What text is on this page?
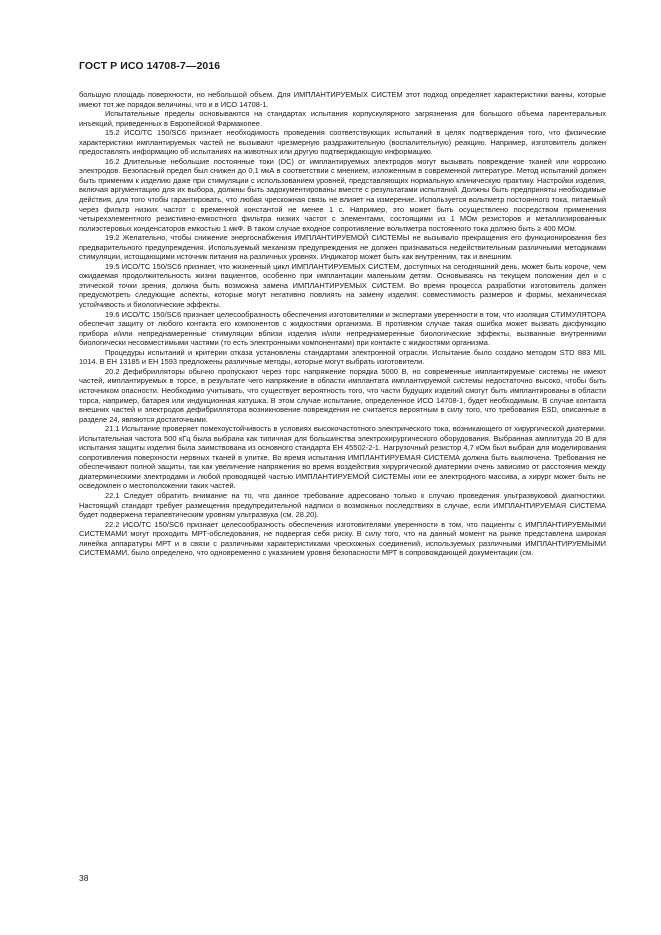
ГОСТ Р ИСО 14708-7—2016

большую площадь поверхности, но небольшой объем. Для ИМПЛАНТИРУЕМЫХ СИСТЕМ этот подход определяет характеристики ванны, которые имеют тот же порядок величины, что и в ИСО 14708-1.

Испытательные пределы основываются на стандартах испытания корпускулярного загрязнения для большого объема парентеральных инъекций, приведенных в Европейской Фармакопее.

15.2 ИСО/ТС 150/SC6 признает необходимость проведения соответствующих испытаний в целях подтверждения того, что физические характеристики имплантируемых частей не вызывают чрезмерную раздражительную (воспалительную) реакцию. Например, изготовитель должен предоставлять информацию об испытаниях на животных или другую подтверждающую информацию.

16.2 Длительные небольшие постоянные токи (DC) от имплантируемых электродов могут вызывать повреждение тканей или коррозию электродов. Безопасный предел был снижен до 0,1 мкА в соответствии с мнением, изложенным в современной литературе. Метод испытаний должен быть применим к изделию даже при стимуляции с использованием уровней, представляющих нормальную клиническую практику. Настройки изделия, включая аргументацию для их выбора, должны быть задокументированы вместе с результатами испытаний. Должны быть предприняты необходимые действия, для того чтобы гарантировать, что любая чрескожная связь не влияет на измерение. Используется вольтметр постоянного тока, питаемый через фильтр низких частот с временной константой не менее 1 с. Например, это может быть осуществлено посредством применения четырехэлементного резистивно-емкостного фильтра низких частот с элементами, состоящими из 1 МОм резисторов и металлизированных полиэстеровых конденсаторов емкостью 1 мкФ. В таком случае входное сопротивление вольтметра постоянного тока должно быть ≥ 400 МОм.

19.2 Желательно, чтобы снижение энергоснабжения ИМПЛАНТИРУЕМОЙ СИСТЕМЫ не вызывало прекращения его функционирования без предварительного предупреждения. Используемый механизм предупреждения не должен признаваться недействительным различными методиками стимуляции, истощающими источник питания на различных уровнях. Индикатор может быть как внутренним, так и внешним.

19.5 ИСО/ТС 150/SC6 признает, что жизненный цикл ИМПЛАНТИРУЕМЫХ СИСТЕМ, доступных на сегодняшний день, может быть короче, чем ожидаемая продолжительность жизни пациентов, особенно при имплантации маленьким детям. Основываясь на текущем положении дел и с этической точки зрения, должна быть возможна замена ИМПЛАНТИРУЕМЫХ СИСТЕМ. Во время процесса разработки изготовитель должен предусмотреть следующие аспекты, которые могут негативно повлиять на замену изделия: совместимость размеров и формы, механическая устойчивость и биологические эффекты.

19.6 ИСО/ТС 150/SC6 признает целесообразность обеспечения изготовителями и экспертами уверенности в том, что изоляция СТИМУЛЯТОРА обеспечит защиту от любого контакта его компонентов с жидкостями организма. В противном случае такая ошибка может вызвать дисфункцию прибора и/или непреднамеренные стимуляции вблизи изделия и/или непреднамеренные биологические эффекты, вызванные внутренними биологически несовместимыми частями (то есть электронными компонентами) при контакте с жидкостями организма.

Процедуры испытаний и критерии отказа установлены стандартами электронной отрасли. Испытание было создано методом STD 883 MIL 1014. В ЕН 13185 и ЕН 1593 предложены различные методы, которые могут выбрать изготовители.

20.2 Дефибрилляторы обычно пропускают через торс напряжение порядка 5000 В, но современные имплантируемые системы не имеют частей, имплантируемых в торсе, в результате чего напряжение в области имплантата имплантируемой системы недостаточно высоко, чтобы быть источником опасности. Необходимо учитывать, что существует вероятность того, что части будущих изделий смогут быть имплантированы в области торса, например, батарея или индукционная катушка. В этом случае испытание, определенное ИСО 14708-1, будет необходимым. В случае контакта внешних частей и электродов дефибриллятора возникновение повреждения не считается вероятным в силу того, что требования ESD, описанные в разделе 24, являются достаточными.

21.1 Испытание проверяет помехоустойчивость в условиях высокочастотного электрического тока, возникающего от хирургической диатермии. Испытательная частота 500 кГц была выбрана как типичная для большинства электрохирургического оборудования. Выбранная амплитуда 20 В для испытания защиты изделия была заимствована из основного стандарта ЕН 45502-2-1. Нагрузочный резистор 4,7 кОм был выбран для моделирования сопротивления поверхности нервных тканей в улитке. Во время испытания ИМПЛАНТИРУЕМАЯ СИСТЕМА должна быть выключена. Требования не обеспечивают полной защиты, так как увеличение напряжения во время воздействия хирургической диатермии очень зависимо от расстояния между диатермическими электродами и любой проводящей частью ИМПЛАНТИРУЕМОЙ СИСТЕМЫ или ее электродного массива, а хирург может быть не осведомлен о местоположении таких частей.

22.1 Следует обратить внимание на то, что данное требование адресовано только к случаю проведения ультразвуковой диагностики. Настоящий стандарт требует размещения предупредительной надписи о возможных последствиях в случае, если ИМПЛАНТИРУЕМАЯ СИСТЕМА будет подвержена терапевтическим уровням ультразвука (см. 28.20).

22.2 ИСО/ТС 150/SC6 признает целесообразность обеспечения изготовителями уверенности в том, что пациенты с ИМПЛАНТИРУЕМЫМИ СИСТЕМАМИ могут проходить МРТ-обследования, не подвергая себя риску. В силу того, что на данный момент на рынке представлена широкая линейка аппаратуры МРТ и в связи с различными характеристиками чрескожных соединений, используемых различными ИМПЛАНТИРУЕМЫМИ СИСТЕМАМИ, было определено, что одновременно с указанием уровня безопасности МРТ в сопровождающей документации (см.

38
